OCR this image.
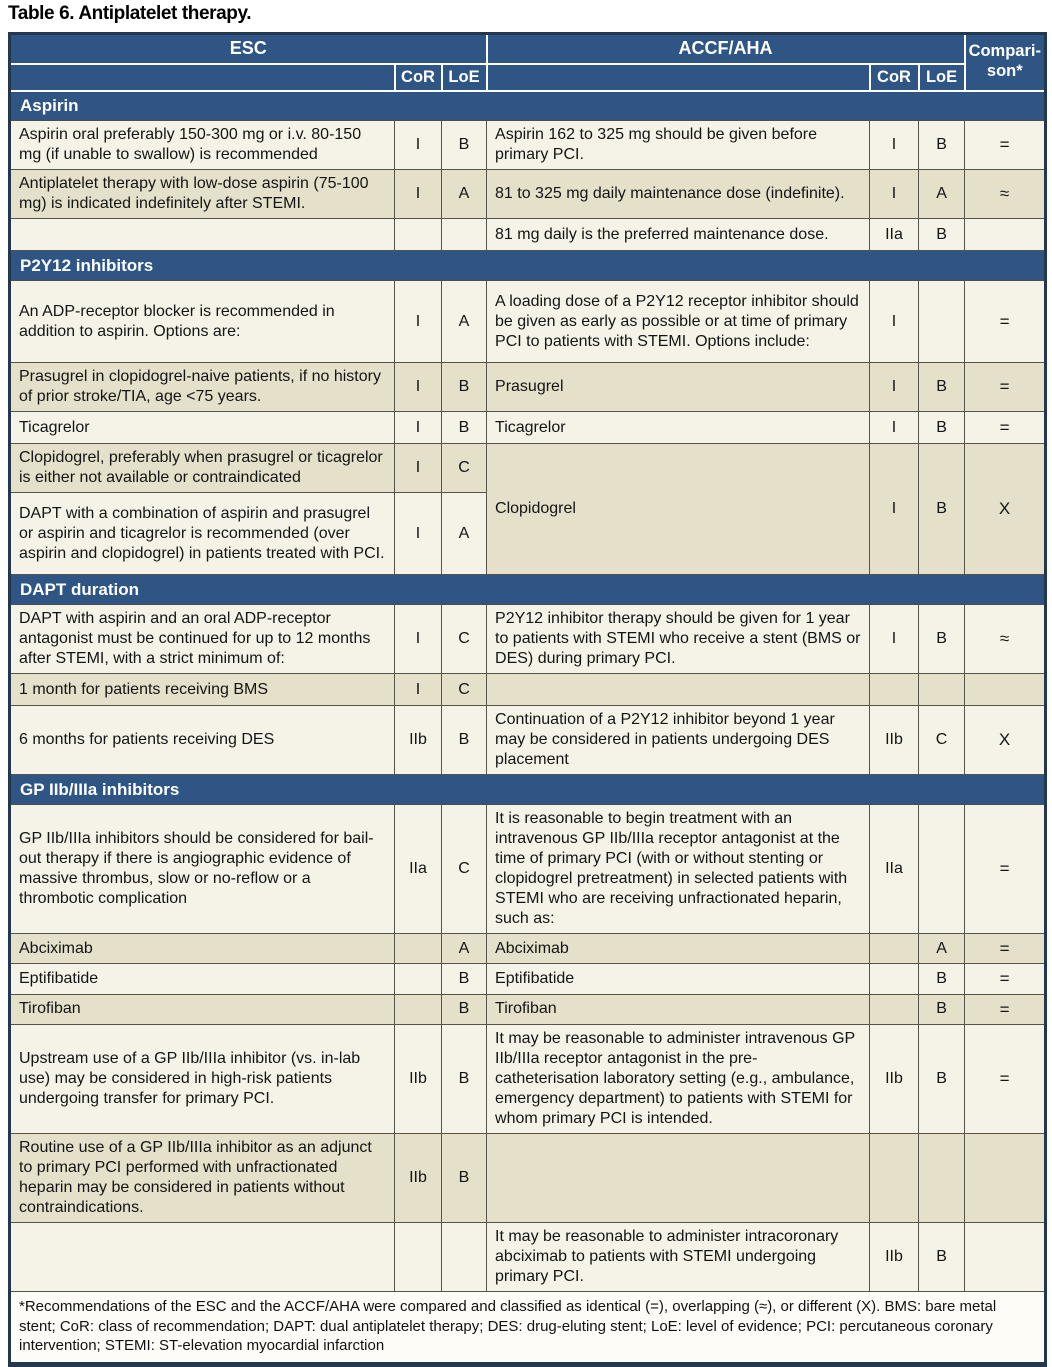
Table 6. Antiplatelet therapy.
ESC			ACCF/AHA			Compari-son*
	CoR	LoE		CoR	LoE	
Aspirin						
Aspirin oral preferably 150-300 mg or i.v. 80-150 mg (if unable to swallow) is recommended	I	B	Aspirin 162 to 325 mg should be given before primary PCI.	I	B	=
Antiplatelet therapy with low-dose aspirin (75-100 mg) is indicated indefinitely after STEMI.	I	A	81 to 325 mg daily maintenance dose (indefinite).	I	A	≈
			81 mg daily is the preferred maintenance dose.	IIa	B	
P2Y12 inhibitors						
An ADP-receptor blocker is recommended in addition to aspirin. Options are:	I	A	A loading dose of a P2Y12 receptor inhibitor should be given as early as possible or at time of primary PCI to patients with STEMI. Options include:	I		=
Prasugrel in clopidogrel-naive patients, if no history of prior stroke/TIA, age <75 years.	I	B	Prasugrel	I	B	=
Ticagrelor	I	B	Ticagrelor	I	B	=
Clopidogrel, preferably when prasugrel or ticagrelor is either not available or contraindicated	I	C	Clopidogrel	I	B	X
DAPT with a combination of aspirin and prasugrel or aspirin and ticagrelor is recommended (over aspirin and clopidogrel) in patients treated with PCI.	I	A				
DAPT duration						
DAPT with aspirin and an oral ADP-receptor antagonist must be continued for up to 12 months after STEMI, with a strict minimum of:	I	C	P2Y12 inhibitor therapy should be given for 1 year to patients with STEMI who receive a stent (BMS or DES) during primary PCI.	I	B	≈
1 month for patients receiving BMS	I	C				
6 months for patients receiving DES	IIb	B	Continuation of a P2Y12 inhibitor beyond 1 year may be considered in patients undergoing DES placement	IIb	C	X
GP IIb/IIIa inhibitors						
GP IIb/IIIa inhibitors should be considered for bail-out therapy if there is angiographic evidence of massive thrombus, slow or no-reflow or a thrombotic complication	IIa	C	It is reasonable to begin treatment with an intravenous GP IIb/IIIa receptor antagonist at the time of primary PCI (with or without stenting or clopidogrel pretreatment) in selected patients with STEMI who are receiving unfractionated heparin, such as:	IIa		=
Abciximab		A	Abciximab		A	=
Eptifibatide		B	Eptifibatide		B	=
Tirofiban		B	Tirofiban		B	=
Upstream use of a GP IIb/IIIa inhibitor (vs. in-lab use) may be considered in high-risk patients undergoing transfer for primary PCI.	IIb	B	It may be reasonable to administer intravenous GP IIb/IIIa receptor antagonist in the pre-catheterisation laboratory setting (e.g., ambulance, emergency department) to patients with STEMI for whom primary PCI is intended.	IIb	B	=
Routine use of a GP IIb/IIIa inhibitor as an adjunct to primary PCI performed with unfractionated heparin may be considered in patients without contraindications.	IIb	B				
			It may be reasonable to administer intracoronary abciximab to patients with STEMI undergoing primary PCI.	IIb	B	
*Recommendations of the ESC and the ACCF/AHA were compared and classified as identical (=), overlapping (≈), or different (X). BMS: bare metal stent; CoR: class of recommendation; DAPT: dual antiplatelet therapy; DES: drug-eluting stent; LoE: level of evidence; PCI: percutaneous coronary intervention; STEMI: ST-elevation myocardial infarction						
